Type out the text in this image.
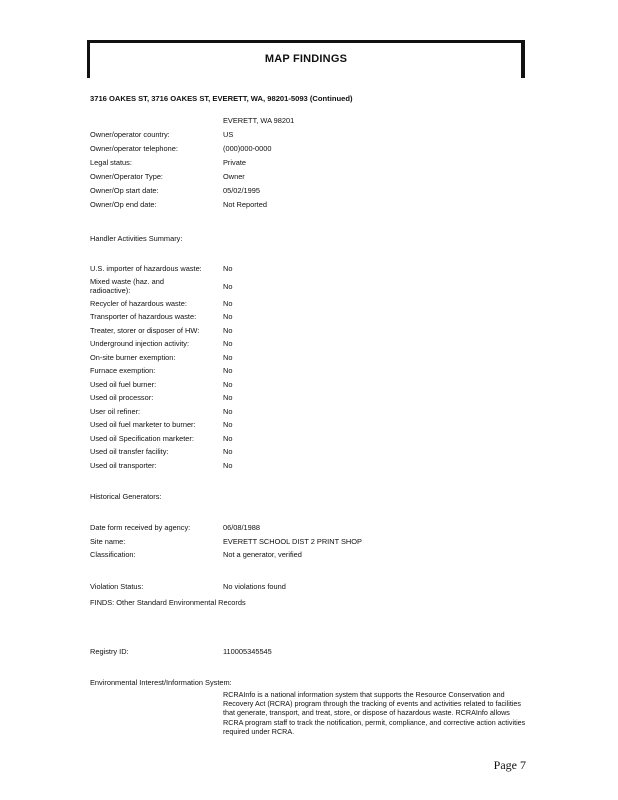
MAP FINDINGS
3716 OAKES ST, 3716 OAKES ST, EVERETT, WA, 98201-5093 (Continued)
EVERETT, WA 98201
Owner/operator country:	US
Owner/operator telephone:	(000)000-0000
Legal status:	Private
Owner/Operator Type:	Owner
Owner/Op start date:	05/02/1995
Owner/Op end date:	Not Reported
Handler Activities Summary:
U.S. importer of hazardous waste:	No
Mixed waste (haz. and radioactive):	No
Recycler of hazardous waste:	No
Transporter of hazardous waste:	No
Treater, storer or disposer of HW:	No
Underground injection activity:	No
On-site burner exemption:	No
Furnace exemption:	No
Used oil fuel burner:	No
Used oil processor:	No
User oil refiner:	No
Used oil fuel marketer to burner:	No
Used oil Specification marketer:	No
Used oil transfer facility:	No
Used oil transporter:	No
Historical Generators:
Date form received by agency:	06/08/1988
Site name:	EVERETT SCHOOL DIST 2 PRINT SHOP
Classification:	Not a generator, verified
Violation Status:	No violations found
FINDS: Other Standard Environmental Records
Registry ID:	110005345545
Environmental Interest/Information System:
RCRAInfo is a national information system that supports the Resource Conservation and Recovery Act (RCRA) program through the tracking of events and activities related to facilities that generate, transport, and treat, store, or dispose of hazardous waste. RCRAInfo allows RCRA program staff to track the notification, permit, compliance, and corrective action activities required under RCRA.
Page 7
